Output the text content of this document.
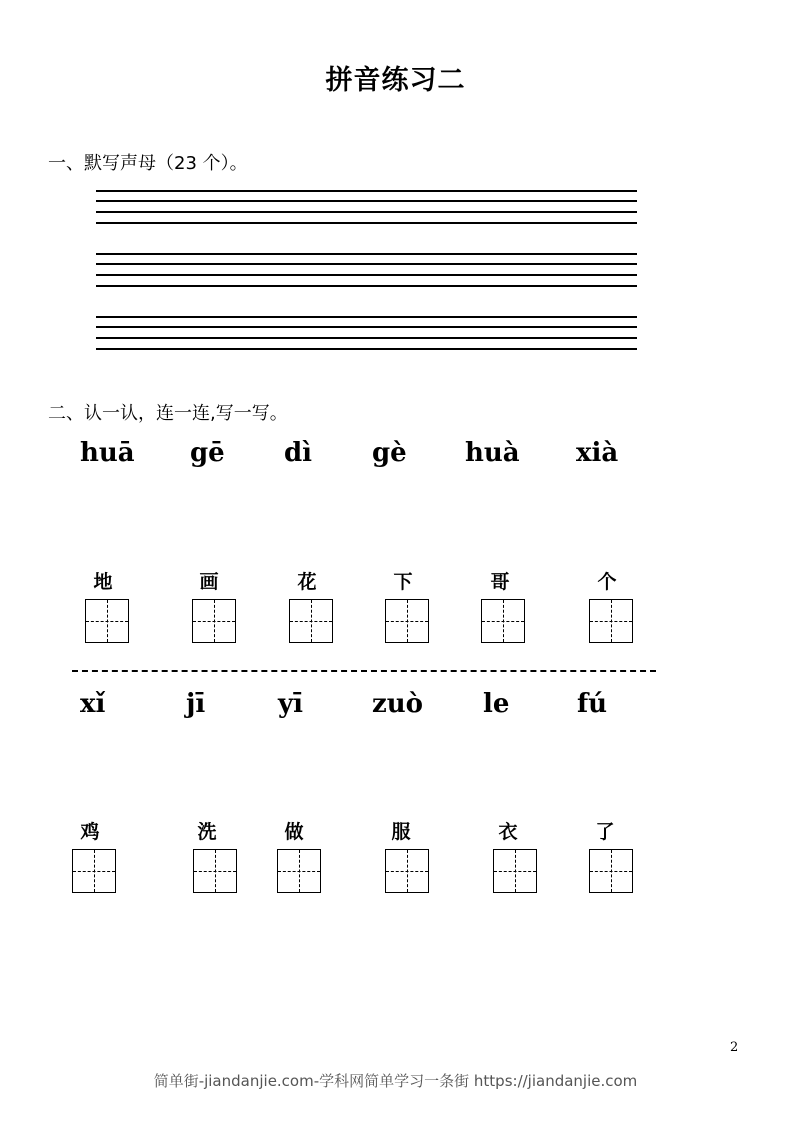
拼音练习二
一、默写声母（23 个）。
二、认一认，连一连,写一写。
huā gē dì gè huà xià
地	画	花	下	哥	个
xǐ	jī	yī	zuò le	fú
鸡	洗	做	服	衣	了
2
简单街-jiandanjie.com-学科网简单学习一条街 https://jiandanjie.com
